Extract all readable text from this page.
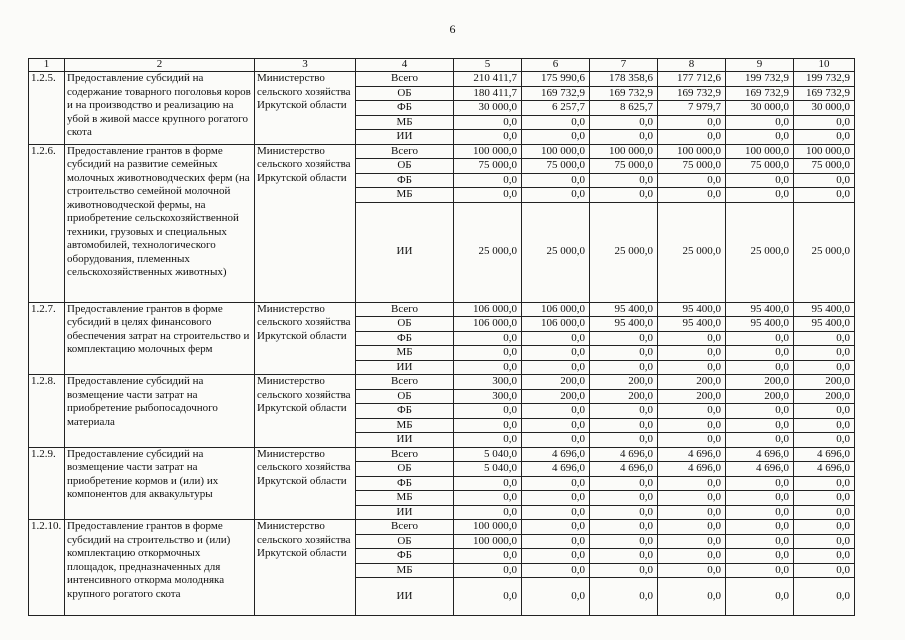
6
1	2	3	4	5	6	7	8	9	10
1.2.5.	Предоставление субсидий на содержание товарного поголовья коров и на производство и реализацию на убой в живой массе крупного рогатого скота	Министерство сельского хозяйства Иркутской области	Всего	210 411,7	175 990,6	178 358,6	177 712,6	199 732,9	199 732,9
			ОБ	180 411,7	169 732,9	169 732,9	169 732,9	169 732,9	169 732,9
			ФБ	30 000,0	6 257,7	8 625,7	7 979,7	30 000,0	30 000,0
			МБ	0,0	0,0	0,0	0,0	0,0	0,0
			ИИ	0,0	0,0	0,0	0,0	0,0	0,0
1.2.6.	Предоставление грантов в форме субсидий на развитие семейных молочных животноводческих ферм (на строительство семейной молочной животноводческой фермы, на приобретение сельскохозяйственной техники, грузовых и специальных автомобилей, технологического оборудования, племенных сельскохозяйственных животных)	Министерство сельского хозяйства Иркутской области	Всего	100 000,0	100 000,0	100 000,0	100 000,0	100 000,0	100 000,0
			ОБ	75 000,0	75 000,0	75 000,0	75 000,0	75 000,0	75 000,0
			ФБ	0,0	0,0	0,0	0,0	0,0	0,0
			МБ	0,0	0,0	0,0	0,0	0,0	0,0
			ИИ	25 000,0	25 000,0	25 000,0	25 000,0	25 000,0	25 000,0
1.2.7.	Предоставление грантов в форме субсидий в целях финансового обеспечения затрат на строительство и комплектацию молочных ферм	Министерство сельского хозяйства Иркутской области	Всего	106 000,0	106 000,0	95 400,0	95 400,0	95 400,0	95 400,0
			ОБ	106 000,0	106 000,0	95 400,0	95 400,0	95 400,0	95 400,0
			ФБ	0,0	0,0	0,0	0,0	0,0	0,0
			МБ	0,0	0,0	0,0	0,0	0,0	0,0
			ИИ	0,0	0,0	0,0	0,0	0,0	0,0
1.2.8.	Предоставление субсидий на возмещение части затрат на приобретение рыбопосадочного материала	Министерство сельского хозяйства Иркутской области	Всего	300,0	200,0	200,0	200,0	200,0	200,0
			ОБ	300,0	200,0	200,0	200,0	200,0	200,0
			ФБ	0,0	0,0	0,0	0,0	0,0	0,0
			МБ	0,0	0,0	0,0	0,0	0,0	0,0
			ИИ	0,0	0,0	0,0	0,0	0,0	0,0
1.2.9.	Предоставление субсидий на возмещение части затрат на приобретение кормов и (или) их компонентов для аквакультуры	Министерство сельского хозяйства Иркутской области	Всего	5 040,0	4 696,0	4 696,0	4 696,0	4 696,0	4 696,0
			ОБ	5 040,0	4 696,0	4 696,0	4 696,0	4 696,0	4 696,0
			ФБ	0,0	0,0	0,0	0,0	0,0	0,0
			МБ	0,0	0,0	0,0	0,0	0,0	0,0
			ИИ	0,0	0,0	0,0	0,0	0,0	0,0
1.2.10.	Предоставление грантов в форме субсидий на строительство и (или) комплектацию откормочных площадок, предназначенных для интенсивного откорма молодняка крупного рогатого скота	Министерство сельского хозяйства Иркутской области	Всего	100 000,0	0,0	0,0	0,0	0,0	0,0
			ОБ	100 000,0	0,0	0,0	0,0	0,0	0,0
			ФБ	0,0	0,0	0,0	0,0	0,0	0,0
			МБ	0,0	0,0	0,0	0,0	0,0	0,0
			ИИ	0,0	0,0	0,0	0,0	0,0	0,0
